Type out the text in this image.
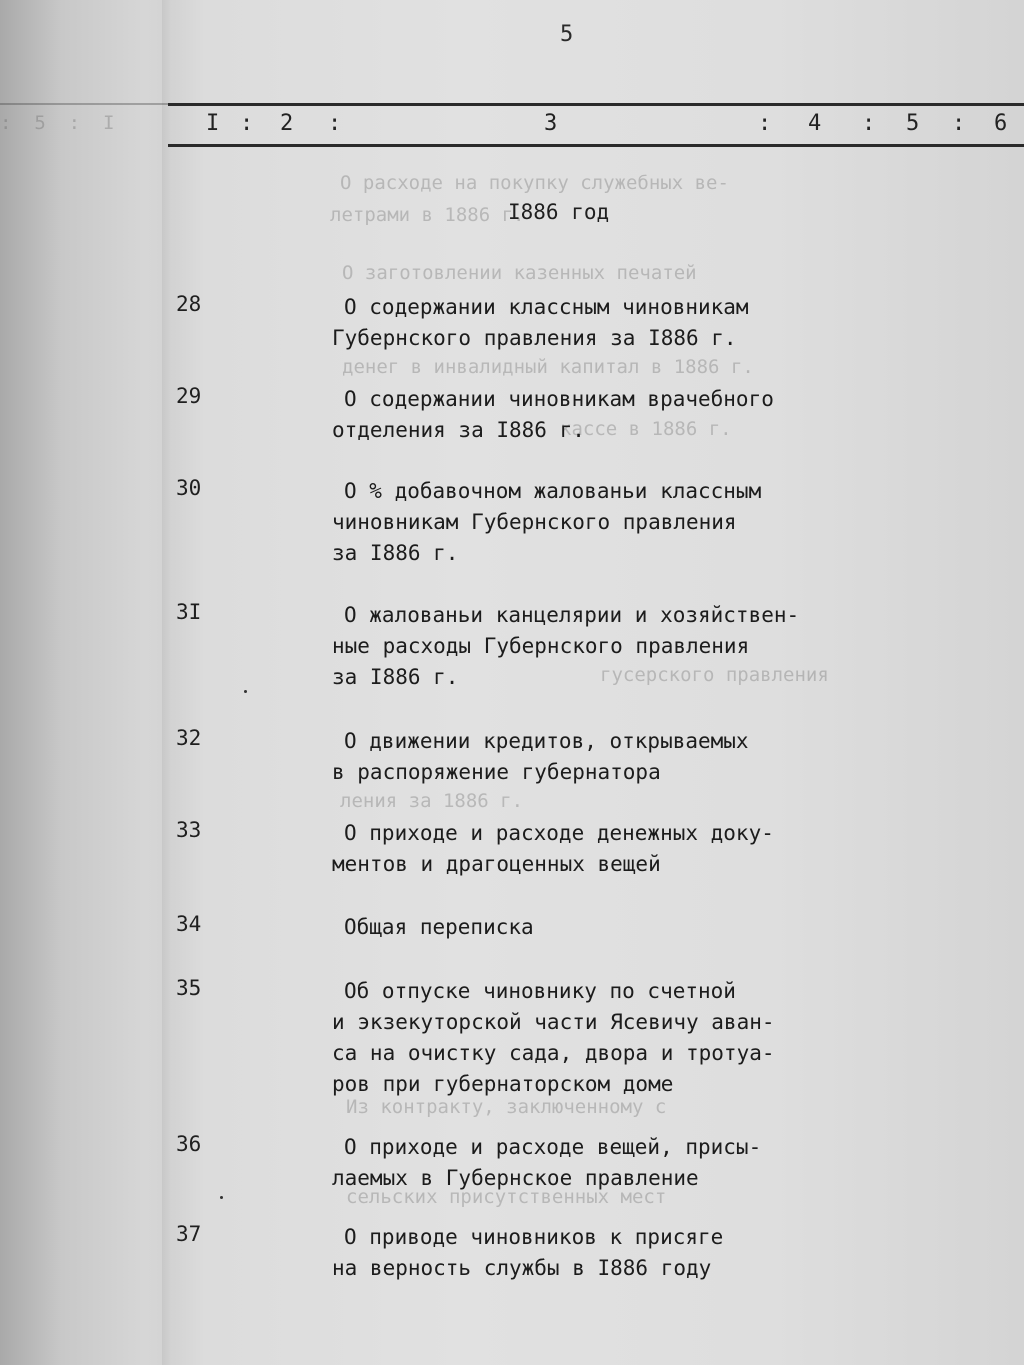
:  5  :  I
О расходе на покупку служебных ве-
летрами в 1886 г.
О заготовлении казенных печатей
денег в инвалидный капитал в 1886 г.
кассе в 1886 г.
гусерского правления
ления за 1886 г.
Из контракту, заключенному с
сельских присутственных мест
5
I : 2 :	3	: 4 : 5 : 6
I886 год
28	О содержании классным чиновникам
Губернского правления за I886 г.
29	О содержании чиновникам врачебного
отделения за I886 г.
30	О % добавочном жалованьи классным
чиновникам Губернского правления
за I886 г.
3I	О жалованьи канцелярии и хозяйствен-
ные расходы Губернского правления
за I886 г.
32	О движении кредитов, открываемых
в распоряжение губернатора
33	О приходе и расходе денежных доку-
ментов и драгоценных вещей
34	Общая переписка
35	Об отпуске чиновнику по счетной
и экзекуторской части Ясевичу аван-
са на очистку сада, двора и тротуа-
ров при губернаторском доме
36	О приходе и расходе вещей, присы-
лаемых в Губернское правление
37	О приводе чиновников к присяге
на верность службы в I886 году
